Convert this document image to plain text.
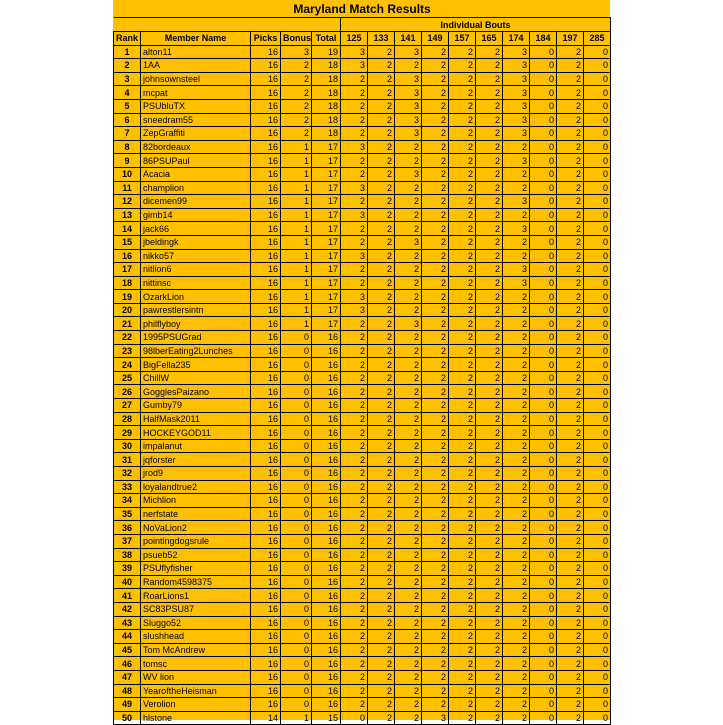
Maryland Match Results														
					Individual Bouts									
Rank	Member Name	Picks	Bonus	Total	125	133	141	149	157	165	174	184	197	285
1	alton11	16	3	19	3	2	3	2	2	2	3	0	2	0
2	1AA	16	2	18	3	2	2	2	2	2	3	0	2	0
3	johnsownsteel	16	2	18	2	2	3	2	2	2	3	0	2	0
4	mcpat	16	2	18	2	2	3	2	2	2	3	0	2	0
5	PSUbluTX	16	2	18	2	2	3	2	2	2	3	0	2	0
6	sneedram55	16	2	18	2	2	3	2	2	2	3	0	2	0
7	ZepGraffiti	16	2	18	2	2	3	2	2	2	3	0	2	0
8	82bordeaux	16	1	17	3	2	2	2	2	2	2	0	2	0
9	86PSUPaul	16	1	17	2	2	2	2	2	2	3	0	2	0
10	Acacia	16	1	17	2	2	3	2	2	2	2	0	2	0
11	champlion	16	1	17	3	2	2	2	2	2	2	0	2	0
12	dicemen99	16	1	17	2	2	2	2	2	2	3	0	2	0
13	gimb14	16	1	17	3	2	2	2	2	2	2	0	2	0
14	jack66	16	1	17	2	2	2	2	2	2	3	0	2	0
15	jbeldingk	16	1	17	2	2	3	2	2	2	2	0	2	0
16	nikko57	16	1	17	3	2	2	2	2	2	2	0	2	0
17	nitlion6	16	1	17	2	2	2	2	2	2	3	0	2	0
18	nittinsc	16	1	17	2	2	2	2	2	2	3	0	2	0
19	OzarkLion	16	1	17	3	2	2	2	2	2	2	0	2	0
20	pawrestlersintn	16	1	17	3	2	2	2	2	2	2	0	2	0
21	philflyboy	16	1	17	2	2	3	2	2	2	2	0	2	0
22	1995PSUGrad	16	0	16	2	2	2	2	2	2	2	0	2	0
23	98lberEating2Lunches	16	0	16	2	2	2	2	2	2	2	0	2	0
24	BigFella235	16	0	16	2	2	2	2	2	2	2	0	2	0
25	ChillW	16	0	16	2	2	2	2	2	2	2	0	2	0
26	GogglesPaizano	16	0	16	2	2	2	2	2	2	2	0	2	0
27	Gumby79	16	0	16	2	2	2	2	2	2	2	0	2	0
28	HalfMask2011	16	0	16	2	2	2	2	2	2	2	0	2	0
29	HOCKEYGOD11	16	0	16	2	2	2	2	2	2	2	0	2	0
30	impalanut	16	0	16	2	2	2	2	2	2	2	0	2	0
31	jqforster	16	0	16	2	2	2	2	2	2	2	0	2	0
32	jrod9	16	0	16	2	2	2	2	2	2	2	0	2	0
33	loyalandtrue2	16	0	16	2	2	2	2	2	2	2	0	2	0
34	Michlion	16	0	16	2	2	2	2	2	2	2	0	2	0
35	nerfstate	16	0	16	2	2	2	2	2	2	2	0	2	0
36	NoVaLion2	16	0	16	2	2	2	2	2	2	2	0	2	0
37	pointingdogsrule	16	0	16	2	2	2	2	2	2	2	0	2	0
38	psueb52	16	0	16	2	2	2	2	2	2	2	0	2	0
39	PSUflyfisher	16	0	16	2	2	2	2	2	2	2	0	2	0
40	Random4598375	16	0	16	2	2	2	2	2	2	2	0	2	0
41	RoarLions1	16	0	16	2	2	2	2	2	2	2	0	2	0
42	SC83PSU87	16	0	16	2	2	2	2	2	2	2	0	2	0
43	Sluggo52	16	0	16	2	2	2	2	2	2	2	0	2	0
44	slushhead	16	0	16	2	2	2	2	2	2	2	0	2	0
45	Tom McAndrew	16	0	16	2	2	2	2	2	2	2	0	2	0
46	tomsc	16	0	16	2	2	2	2	2	2	2	0	2	0
47	WV lion	16	0	16	2	2	2	2	2	2	2	0	2	0
48	YearoftheHeisman	16	0	16	2	2	2	2	2	2	2	0	2	0
49	Verolion	16	0	16	2	2	2	2	2	2	2	0	2	0
50	hlstone	14	1	15	0	2	2	3	2	2	2	0	2	0
